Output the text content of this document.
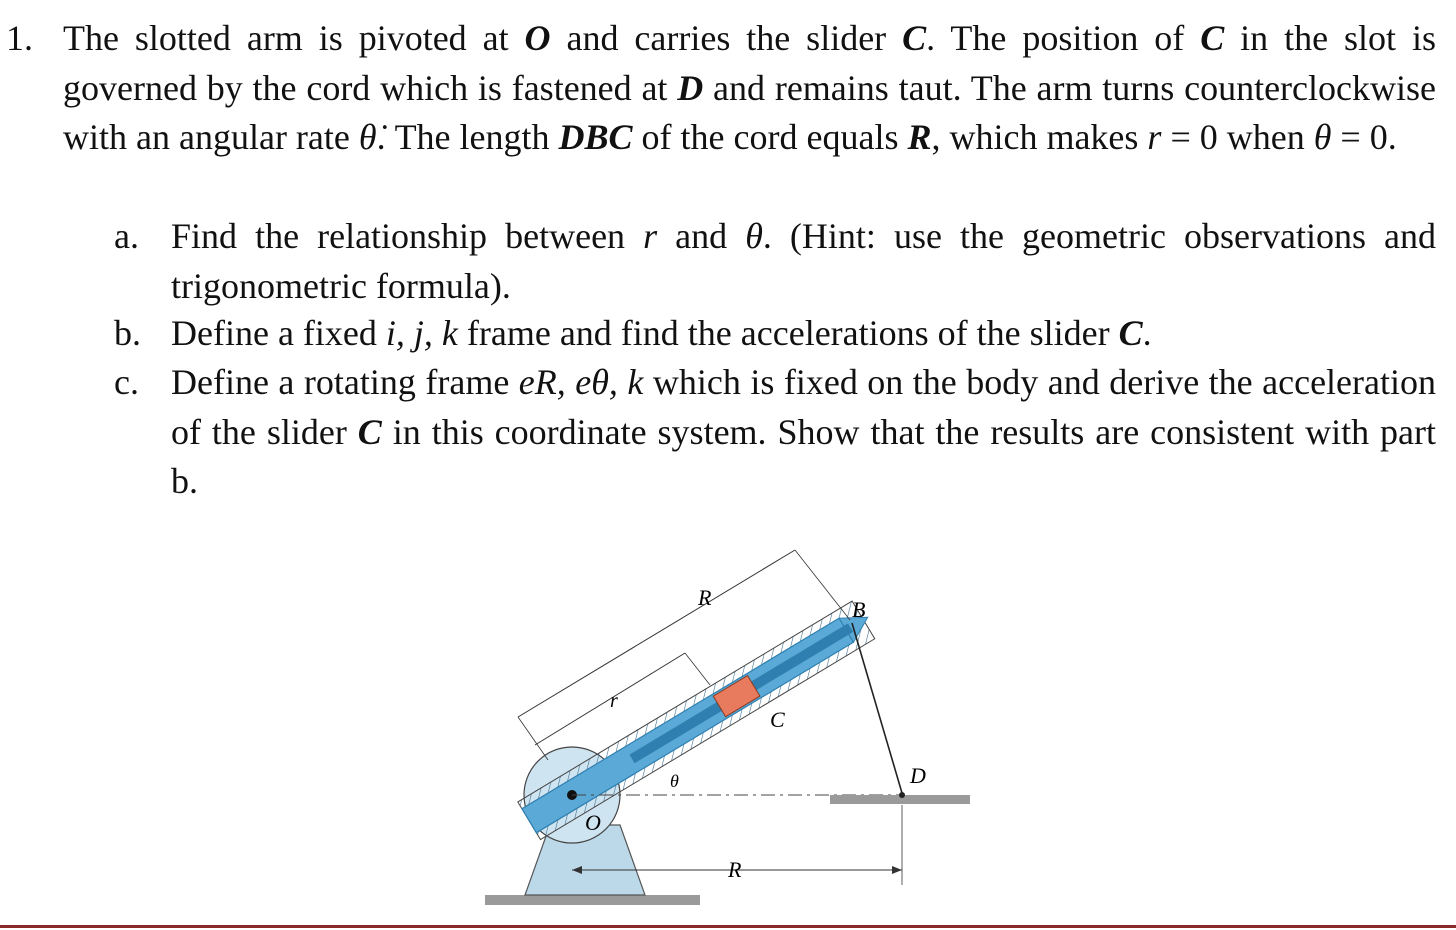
1. The slotted arm is pivoted at O and carries the slider C. The position of C in the slot is governed by the cord which is fastened at D and remains taut. The arm turns counterclockwise with an angular rate θ̇. The length DBC of the cord equals R, which makes r = 0 when θ = 0.
a. Find the relationship between r and θ. (Hint: use the geometric observations and trigonometric formula).
b. Define a fixed i, j, k frame and find the accelerations of the slider C.
c. Define a rotating frame eR, eθ, k which is fixed on the body and derive the acceleration of the slider C in this coordinate system. Show that the results are consistent with part b.
R
r
B
C
D
θ
O
R
